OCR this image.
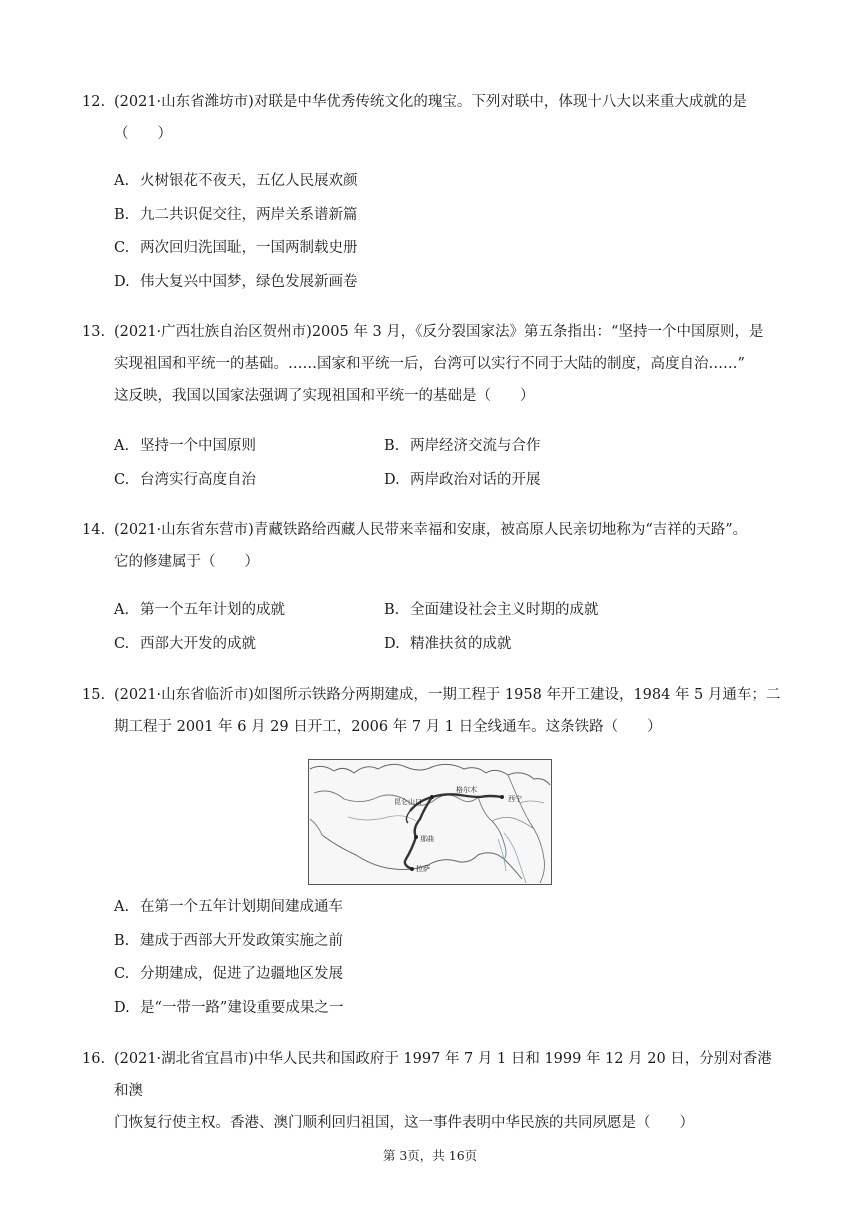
12. (2021·山东省潍坊市)对联是中华优秀传统文化的瑰宝。下列对联中，体现十八大以来重大成就的是
（　　）
A. 火树银花不夜天，五亿人民展欢颜
B. 九二共识促交往，两岸关系谱新篇
C. 两次回归洗国耻，一国两制载史册
D. 伟大复兴中国梦，绿色发展新画卷
13. (2021·广西壮族自治区贺州市)2005 年 3 月，《反分裂国家法》第五条指出：“坚持一个中国原则，是
实现祖国和平统一的基础。……国家和平统一后，台湾可以实行不同于大陆的制度，高度自治……”
这反映，我国以国家法强调了实现祖国和平统一的基础是（　　）
A. 坚持一个中国原则	B. 两岸经济交流与合作
C. 台湾实行高度自治	D. 两岸政治对话的开展
14. (2021·山东省东营市)青藏铁路给西藏人民带来幸福和安康，被高原人民亲切地称为“吉祥的天路”。
它的修建属于（　　）
A. 第一个五年计划的成就	B. 全面建设社会主义时期的成就
C. 西部大开发的成就	D. 精准扶贫的成就
15. (2021·山东省临沂市)如图所示铁路分两期建成，一期工程于 1958 年开工建设，1984 年 5 月通车；二
期工程于 2001 年 6 月 29 日开工，2006 年 7 月 1 日全线通车。这条铁路（　　）
昆仑山口
格尔木
西宁
那曲
拉萨
A. 在第一个五年计划期间建成通车
B. 建成于西部大开发政策实施之前
C. 分期建成，促进了边疆地区发展
D. 是“一带一路”建设重要成果之一
16. (2021·湖北省宜昌市)中华人民共和国政府于 1997 年 7 月 1 日和 1999 年 12 月 20 日，分别对香港和澳
门恢复行使主权。香港、澳门顺利回归祖国，这一事件表明中华民族的共同夙愿是（　　）
第 3页，共 16页
